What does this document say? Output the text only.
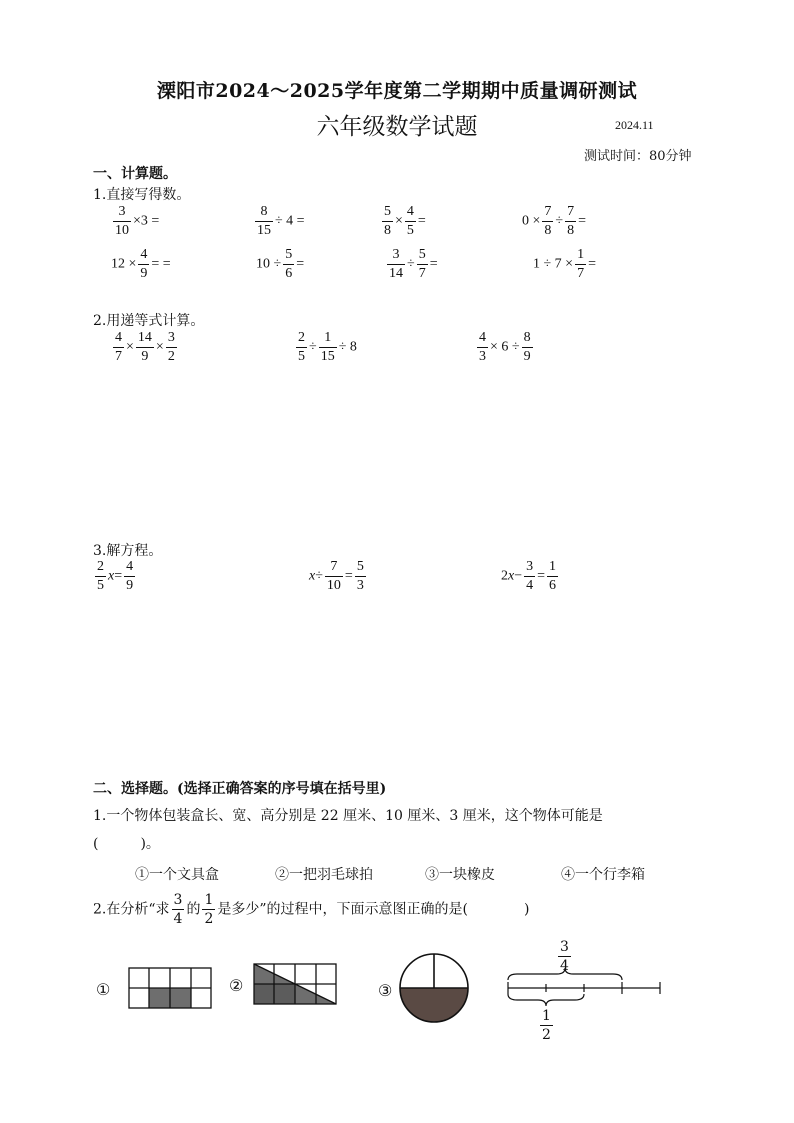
溧阳市2024～2025学年度第二学期期中质量调研测试
六年级数学试题	2024.11
测试时间：80分钟
一、计算题。
1.直接写得数。
$\frac{3}{10} \times 3$ =	$\frac{8}{15} \div 4$ =	$\frac{5}{8} \times \frac{4}{5}$ =	$0 \times \frac{7}{8} \div \frac{7}{8}$ =
$12 \times \frac{4}{9}$ = =	$10 \div \frac{5}{6}$ =	$\frac{3}{14} \div \frac{5}{7}$ =	$1 \div 7 \times \frac{1}{7}$ =
2.用递等式计算。
$\frac{4}{7} \times \frac{14}{9} \times \frac{3}{2}$	$\frac{2}{5} \div \frac{1}{15} \div 8$	$\frac{4}{3} \times 6 \div \frac{8}{9}$
3.解方程。
$\frac{2}{5} x= \frac{4}{9}$	$x\div \frac{7}{10} = \frac{5}{3}$	$2x- \frac{3}{4} = \frac{1}{6}$
二、选择题。(选择正确答案的序号填在括号里)
1.一个物体包装盒长、宽、高分别是 22 厘米、10 厘米、3 厘米，这个物体可能是
(　　　)。
①一个文具盒	②一把羽毛球拍	③一块橡皮	④一个行李箱
2.在分析“求 $\frac{3}{4}$ 的 $\frac{1}{2}$ 是多少”的过程中，下面示意图正确的是(　　　　)
①	②	③
$\frac{3}{4}$
$\frac{1}{2}$
